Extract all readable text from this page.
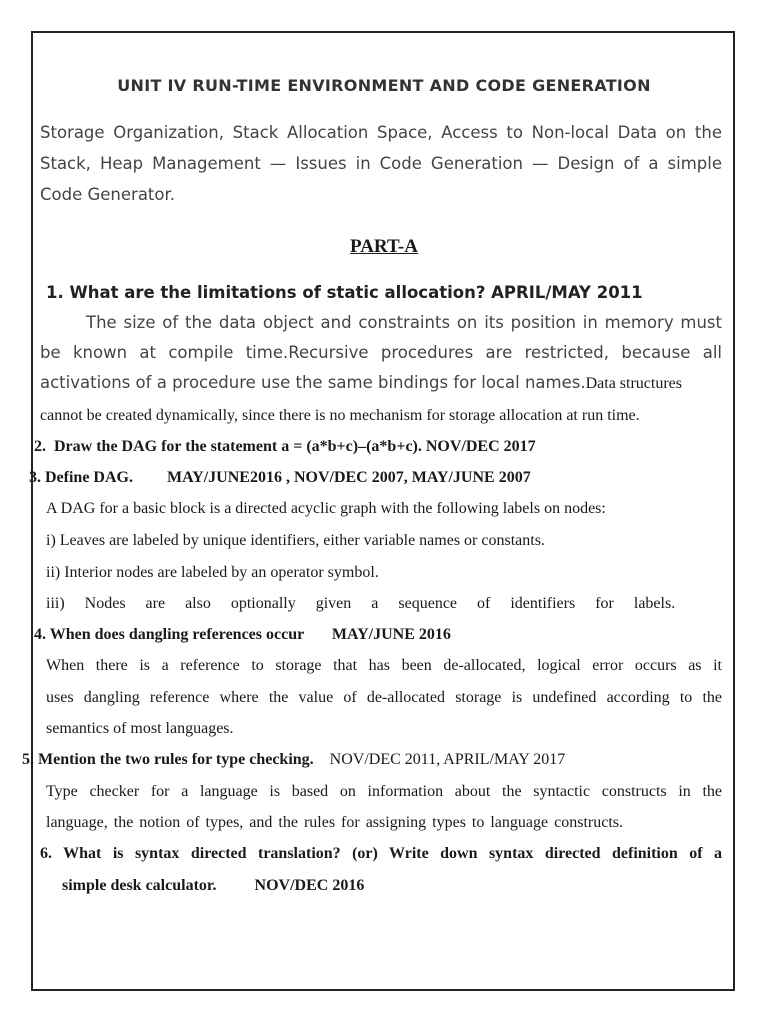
UNIT IV RUN-TIME ENVIRONMENT AND CODE GENERATION
Storage Organization, Stack Allocation Space, Access to Non-local Data on the
Stack, Heap Management — Issues in Code Generation — Design of a simple
Code Generator.
PART-A
1. What are the limitations of static allocation? APRIL/MAY 2011
The size of the data object and constraints on its position in memory must
be known at compile time.Recursive procedures are restricted, because all
activations of a procedure use the same bindings for local names.Data structures
cannot be created dynamically, since there is no mechanism for storage allocation at run time.
2. Draw the DAG for the statement a = (a*b+c)–(a*b+c). NOV/DEC 2017
3. Define DAG. MAY/JUNE2016 , NOV/DEC 2007, MAY/JUNE 2007
A DAG for a basic block is a directed acyclic graph with the following labels on nodes:
i) Leaves are labeled by unique identifiers, either variable names or constants.
ii) Interior nodes are labeled by an operator symbol.
iii) Nodes are also optionally given a sequence of identifiers for labels.
4. When does dangling references occur MAY/JUNE 2016
When there is a reference to storage that has been de-allocated, logical error occurs as it
uses dangling reference where the value of de-allocated storage is undefined according to the
semantics of most languages.
5. Mention the two rules for type checking. NOV/DEC 2011, APRIL/MAY 2017
Type checker for a language is based on information about the syntactic constructs in the
language, the notion of types, and the rules for assigning types to language constructs.
6. What is syntax directed translation? (or) Write down syntax directed definition of a
simple desk calculator. NOV/DEC 2016
